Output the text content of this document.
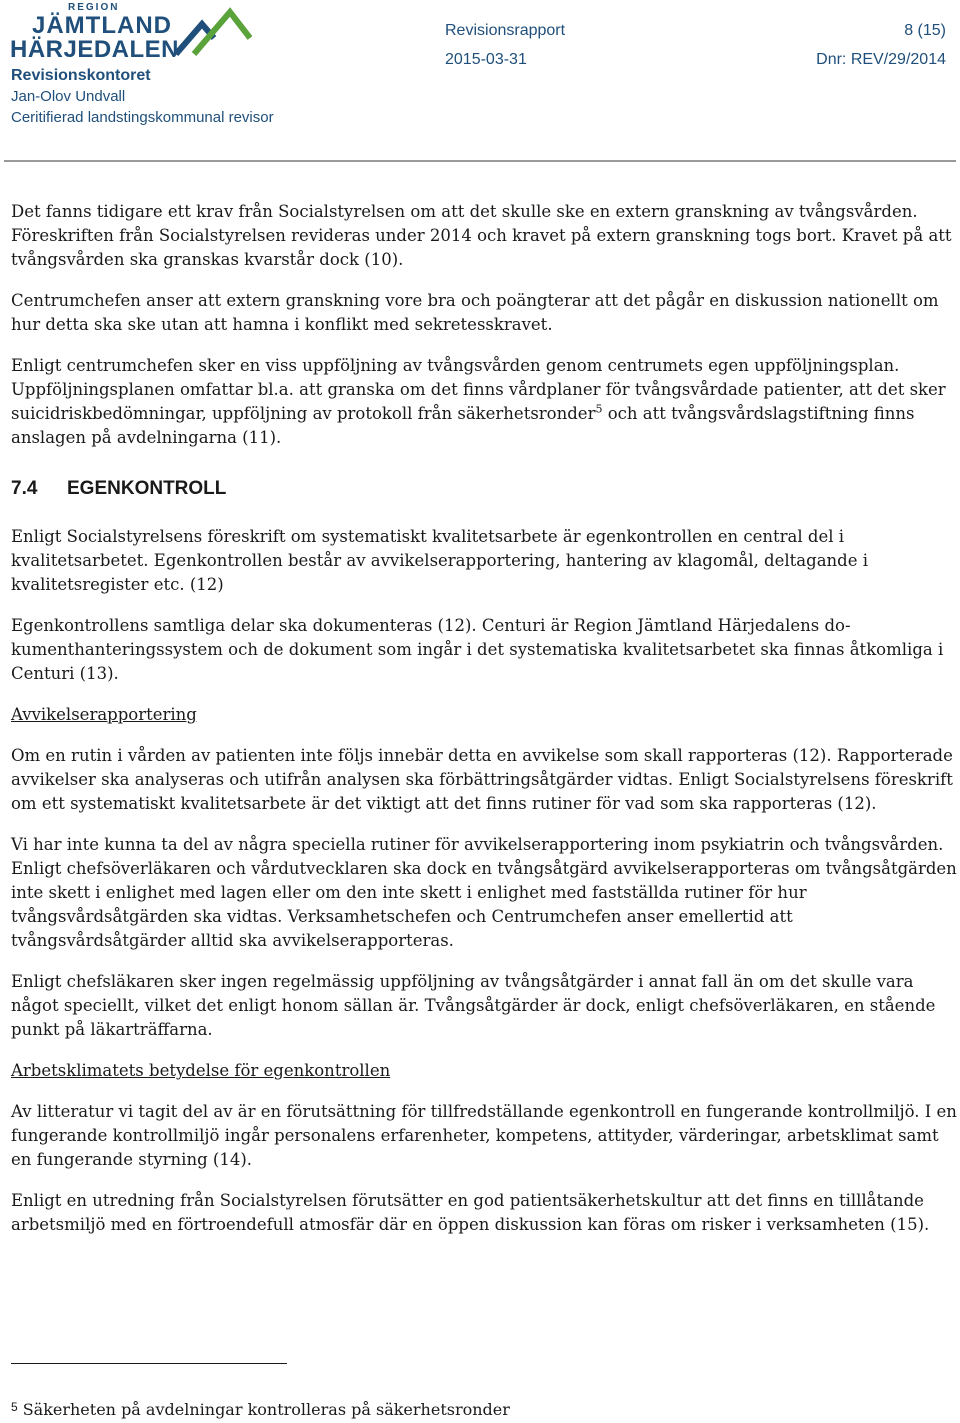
REGION
JÄMTLAND
HÄRJEDALEN
Revisionskontoret
Jan-Olov Undvall
Ceritifierad landstingskommunal revisor
Revisionsrapport
2015-03-31
8 (15)
Dnr: REV/29/2014

Det fanns tidigare ett krav från Socialstyrelsen om att det skulle ske en extern granskning av tvångsvården. Föreskriften från Socialstyrelsen revideras under 2014 och kravet på extern granskning togs bort. Kravet på att tvångsvården ska granskas kvarstår dock (10).

Centrumchefen anser att extern granskning vore bra och poängterar att det pågår en diskussion nationellt om hur detta ska ske utan att hamna i konflikt med sekretesskravet.

Enligt centrumchefen sker en viss uppföljning av tvångsvården genom centrumets egen uppföljningsplan. Uppföljningsplanen omfattar bl.a. att granska om det finns vårdplaner för tvångsvårdade patienter, att det sker suicidriskbedömningar, uppföljning av protokoll från säkerhetsronder$^5$ och att tvångsvårdslagstiftning finns anslagen på avdelningarna (11).

7.4 EGENKONTROLL

Enligt Socialstyrelsens föreskrift om systematiskt kvalitetsarbete är egenkontrollen en central del i kvalitetsarbetet. Egenkontrollen består av avvikelserapportering, hantering av klagomål, deltagande i kvalitetsregister etc. (12)

Egenkontrollens samtliga delar ska dokumenteras (12). Centuri är Region Jämtland Härjedalens dokumenthanteringssystem och de dokument som ingår i det systematiska kvalitetsarbetet ska finnas åtkomliga i Centuri (13).

Avvikelserapportering

Om en rutin i vården av patienten inte följs innebär detta en avvikelse som skall rapporteras (12). Rapporterade avvikelser ska analyseras och utifrån analysen ska förbättringsåtgärder vidtas. Enligt Socialstyrelsens föreskrift om ett systematiskt kvalitetsarbete är det viktigt att det finns rutiner för vad som ska rapporteras (12).

Vi har inte kunna ta del av några speciella rutiner för avvikelserapportering inom psykiatrin och tvångsvården. Enligt chefsöverläkaren och vårdutvecklaren ska dock en tvångsåtgärd avvikelserapporteras om tvångsåtgärden inte skett i enlighet med lagen eller om den inte skett i enlighet med fastställda rutiner för hur tvångsvårdsåtgärden ska vidtas. Verksamhetschefen och Centrumchefen anser emellertid att tvångsvårdsåtgärder alltid ska avvikelserapporteras.

Enligt chefsläkaren sker ingen regelmässig uppföljning av tvångsåtgärder i annat fall än om det skulle vara något speciellt, vilket det enligt honom sällan är. Tvångsåtgärder är dock, enligt chefsöverläkaren, en stående punkt på läkarträffarna.

Arbetsklimatets betydelse för egenkontrollen

Av litteratur vi tagit del av är en förutsättning för tillfredställande egenkontroll en fungerande kontrollmiljö. I en fungerande kontrollmiljö ingår personalens erfarenheter, kompetens, attityder, värderingar, arbetsklimat samt en fungerande styrning (14).

Enligt en utredning från Socialstyrelsen förutsätter en god patientsäkerhetskultur att det finns en tilllåtande arbetsmiljö med en förtroendefull atmosfär där en öppen diskussion kan föras om risker i verksamheten (15).

$^5$ Säkerheten på avdelningar kontrolleras på säkerhetsronder
